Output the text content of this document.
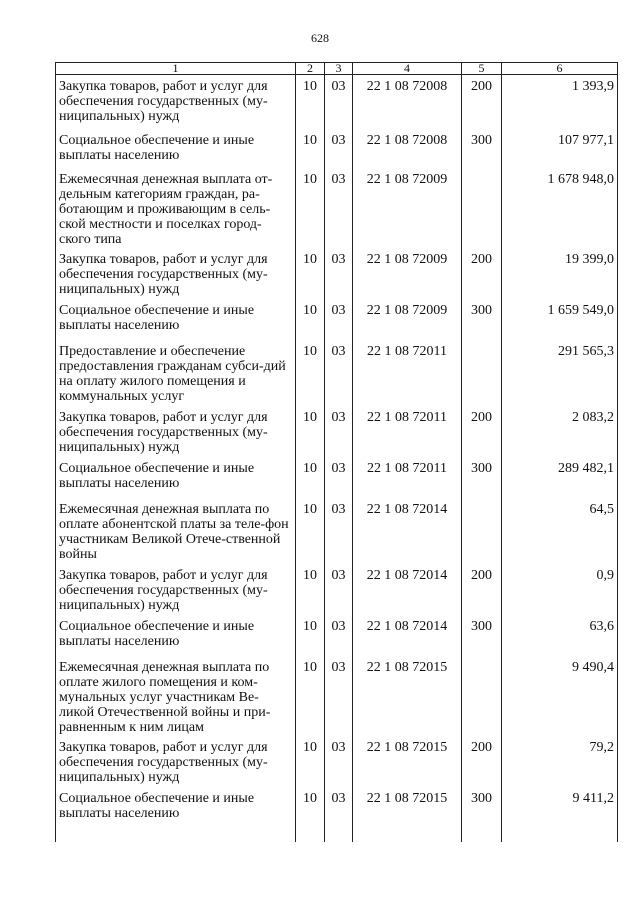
628
1	2	3	4	5	6
Закупка товаров, работ и услуг для обеспечения государственных (му-ниципальных) нужд	10	03	22 1 08 72008	200	1 393,9
Социальное обеспечение и иные выплаты населению	10	03	22 1 08 72008	300	107 977,1
Ежемесячная денежная выплата от-дельным категориям граждан, ра-ботающим и проживающим в сель-ской местности и поселках город-ского типа	10	03	22 1 08 72009		1 678 948,0
Закупка товаров, работ и услуг для обеспечения государственных (му-ниципальных) нужд	10	03	22 1 08 72009	200	19 399,0
Социальное обеспечение и иные выплаты населению	10	03	22 1 08 72009	300	1 659 549,0
Предоставление и обеспечение предоставления гражданам субси-дий на оплату жилого помещения и коммунальных услуг	10	03	22 1 08 72011		291 565,3
Закупка товаров, работ и услуг для обеспечения государственных (му-ниципальных) нужд	10	03	22 1 08 72011	200	2 083,2
Социальное обеспечение и иные выплаты населению	10	03	22 1 08 72011	300	289 482,1
Ежемесячная денежная выплата по оплате абонентской платы за теле-фон участникам Великой Отече-ственной войны	10	03	22 1 08 72014		64,5
Закупка товаров, работ и услуг для обеспечения государственных (му-ниципальных) нужд	10	03	22 1 08 72014	200	0,9
Социальное обеспечение и иные выплаты населению	10	03	22 1 08 72014	300	63,6
Ежемесячная денежная выплата по оплате жилого помещения и ком-мунальных услуг участникам Ве-ликой Отечественной войны и при-равненным к ним лицам	10	03	22 1 08 72015		9 490,4
Закупка товаров, работ и услуг для обеспечения государственных (му-ниципальных) нужд	10	03	22 1 08 72015	200	79,2
Социальное обеспечение и иные выплаты населению	10	03	22 1 08 72015	300	9 411,2
